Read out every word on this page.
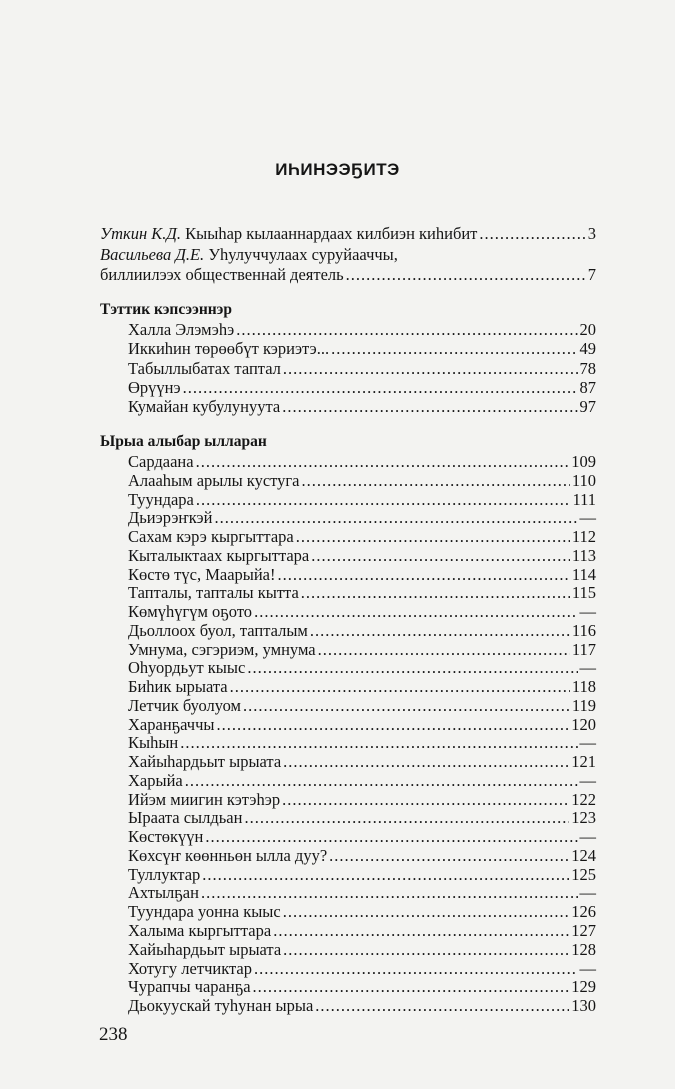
ИҺИНЭЭҔИТЭ
Уткин К.Д. Кыыһар кылааннардаах килбиэн киһибит .....	3
Васильева Д.Е. Уһулуччулаах суруйааччы,
биллиилээх общественнай деятель .....	7
Тэттик кэпсээннэр
Халла Элэмэһэ .....	20
Иккиһин төрөөбүт кэриэтэ... .....	49
Табыллыбатах таптал .....	78
Өрүүнэ .....	87
Кумайан кубулунуута .....	97
Ырыа алыбар ылларан
Сардаана .....	109
Алааһым арылы кустуга .....	110
Туундара .....	111
Дьиэрэҥкэй .....	—
Сахам кэрэ кыргыттара .....	112
Кыталыктаах кыргыттара .....	113
Көстө түс, Маарыйа! .....	114
Тапталы, тапталы кытта .....	115
Көмүһүгүм оҕото .....	—
Дьоллоох буол, тапталым .....	116
Умнума, сэгэриэм, умнума .....	117
Оһуордьут кыыс .....	—
Биһик ырыата .....	118
Летчик буолуом .....	119
Харанҕаччы .....	120
Кыһын .....	—
Хайыһардьыт ырыата .....	121
Харыйа .....	—
Ийэм миигин кэтэһэр .....	122
Ыраата сылдьан .....	123
Көстөкүүн .....	—
Көхсүҥ көөнньөн ылла дуу? .....	124
Туллуктар .....	125
Ахтылҕан .....	—
Туундара уонна кыыс .....	126
Халыма кыргыттара .....	127
Хайыһардьыт ырыата .....	128
Хотугу летчиктар .....	—
Чурапчы чаранҕа .....	129
Дьокуускай туһунан ырыа .....	130
238
